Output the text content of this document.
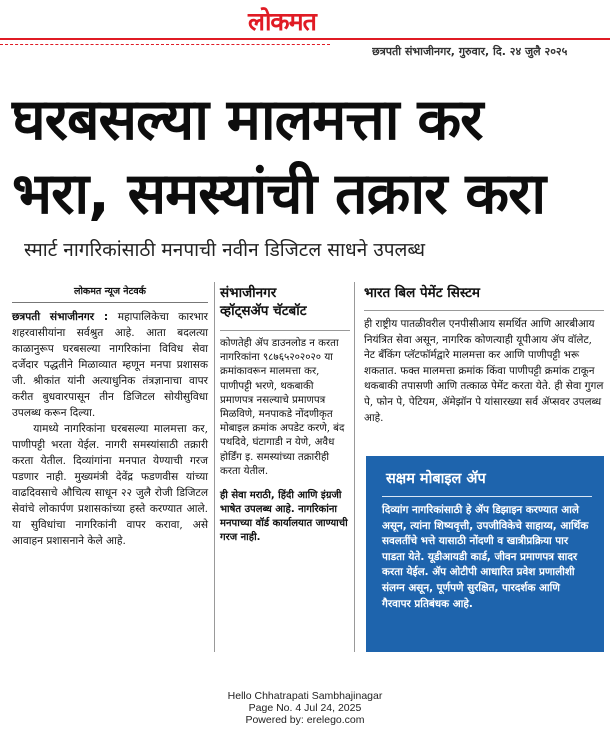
लोकमत
छत्रपती संभाजीनगर, गुरुवार, दि. २४ जुलै २०२५
घरबसल्या मालमत्ता कर
भरा, समस्यांची तक्रार करा
स्मार्ट नागरिकांसाठी मनपाची नवीन डिजिटल साधने उपलब्ध
लोकमत न्यूज नेटवर्क

छत्रपती संभाजीनगर : महापालिकेचा कारभार शहरवासीयांना सर्वश्रुत आहे. आता बदलत्या काळानुरूप घरबसल्या नागरिकांना विविध सेवा दर्जेदार पद्धतीने मिळाव्यात म्हणून मनपा प्रशासक जी. श्रीकांत यांनी अत्याधुनिक तंत्रज्ञानाचा वापर करीत बुधवारपासून तीन डिजिटल सोयीसुविधा उपलब्ध करून दिल्या.

यामध्ये नागरिकांना घरबसल्या मालमत्ता कर, पाणीपट्टी भरता येईल. नागरी समस्यांसाठी तक्रारी करता येतील. दिव्यांगांना मनपात येण्याची गरज पडणार नाही. मुख्यमंत्री देवेंद्र फडणवीस यांच्या वाढदिवसाचे औचित्य साधून २२ जुलै रोजी डिजिटल सेवांचे लोकार्पण प्रशासकांच्या हस्ते करण्यात आले. या सुविधांचा नागरिकांनी वापर करावा, असे आवाहन प्रशासनाने केले आहे.

संभाजीनगर
व्हॉट्सॲप चॅटबॉट
कोणतेही ॲप डाउनलोड न करता नागरिकांना ९८७६५२०२०२० या क्रमांकावरून मालमत्ता कर, पाणीपट्टी भरणे, थकबाकी प्रमाणपत्र नसल्याचे प्रमाणपत्र मिळविणे, मनपाकडे नोंदणीकृत मोबाइल क्रमांक अपडेट करणे, बंद पथदिवे, घंटागाडी न येणे, अवैध होर्डिंग इ. समस्यांच्या तक्रारीही करता येतील.
ही सेवा मराठी, हिंदी आणि इंग्रजी भाषेत उपलब्ध आहे. नागरिकांना मनपाच्या वॉर्ड कार्यालयात जाण्याची गरज नाही.
भारत बिल पेमेंट सिस्टम
ही राष्ट्रीय पातळीवरील एनपीसीआय समर्थित आणि आरबीआय नियंत्रित सेवा असून, नागरिक कोणत्याही यूपीआय ॲप वॉलेट, नेट बँकिंग प्लॅटफॉर्मद्वारे मालमत्ता कर आणि पाणीपट्टी भरू शकतात. फक्त मालमत्ता क्रमांक किंवा पाणीपट्टी क्रमांक टाकून थकबाकी तपासणी आणि तत्काळ पेमेंट करता येते. ही सेवा गुगल पे, फोन पे, पेटियम, ॲमेझॉन पे यांसारख्या सर्व ॲप्सवर उपलब्ध आहे.
सक्षम मोबाइल ॲप
दिव्यांग नागरिकांसाठी हे ॲप डिझाइन करण्यात आले असून, त्यांना शिष्यवृत्ती, उपजीविकेचे साहाय्य, आर्थिक सवलतींचे भत्ते यासाठी नोंदणी व खात्रीप्रक्रिया पार पाडता येते. यूडीआयडी कार्ड, जीवन प्रमाणपत्र सादर करता येईल. ॲप ओटीपी आधारित प्रवेश प्रणालीशी संलग्न असून, पूर्णपणे सुरक्षित, पारदर्शक आणि गैरवापर प्रतिबंधक आहे.
Hello Chhatrapati Sambhajinagar
Page No. 4 Jul 24, 2025
Powered by: erelego.com
